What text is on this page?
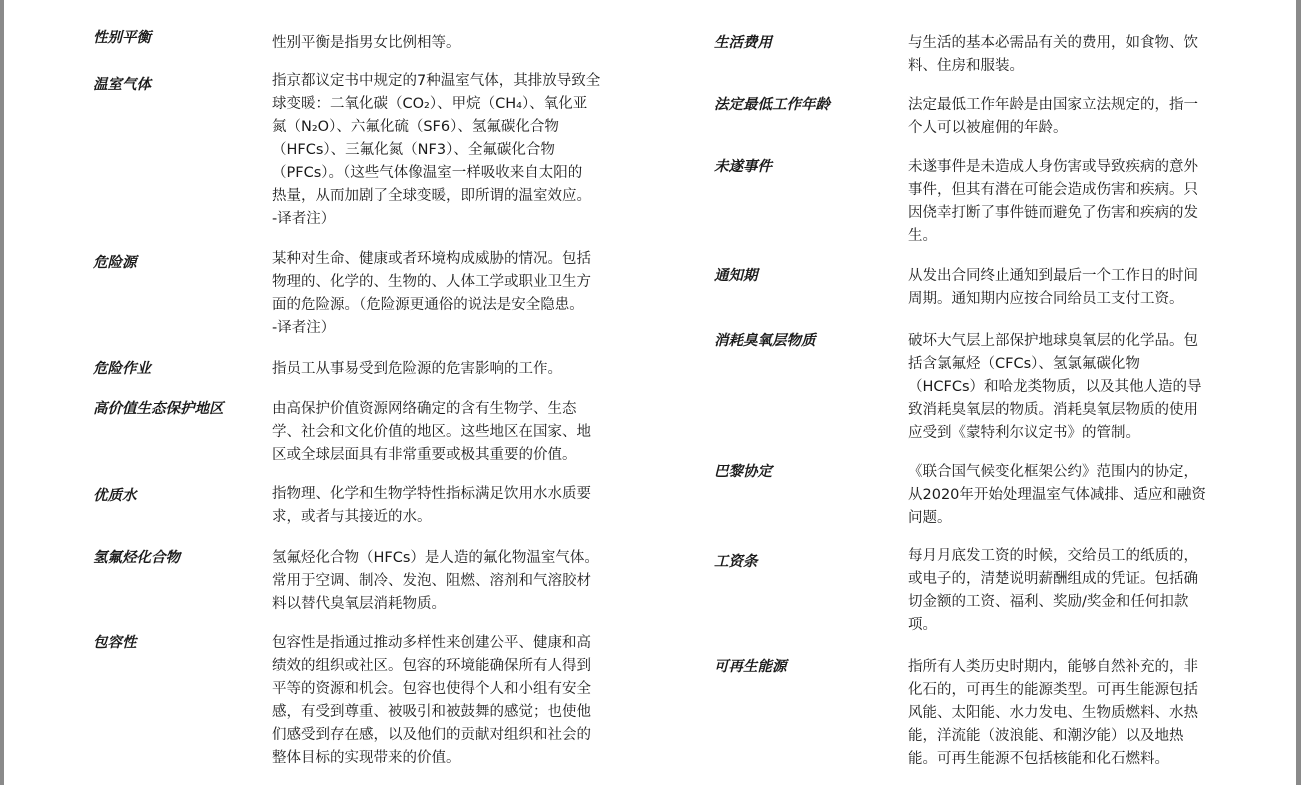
性别平衡	性别平衡是指男女比例相等。
温室气体	指京都议定书中规定的7种温室气体，其排放导致全
球变暖：二氧化碳（CO₂）、甲烷（CH₄）、氧化亚
氮（N₂O）、六氟化硫（SF6）、氢氟碳化合物
（HFCs）、三氟化氮（NF3）、全氟碳化合物
（PFCs）。（这些气体像温室一样吸收来自太阳的
热量，从而加剧了全球变暖，即所谓的温室效应。
-译者注）
危险源	某种对生命、健康或者环境构成威胁的情况。包括
物理的、化学的、生物的、人体工学或职业卫生方
面的危险源。（危险源更通俗的说法是安全隐患。
-译者注）
危险作业	指员工从事易受到危险源的危害影响的工作。
高价值生态保护地区	由高保护价值资源网络确定的含有生物学、生态
学、社会和文化价值的地区。这些地区在国家、地
区或全球层面具有非常重要或极其重要的价值。
优质水	指物理、化学和生物学特性指标满足饮用水水质要
求，或者与其接近的水。
氢氟烃化合物	氢氟烃化合物（HFCs）是人造的氟化物温室气体。
常用于空调、制冷、发泡、阻燃、溶剂和气溶胶材
料以替代臭氧层消耗物质。
包容性	包容性是指通过推动多样性来创建公平、健康和高
绩效的组织或社区。包容的环境能确保所有人得到
平等的资源和机会。包容也使得个人和小组有安全
感，有受到尊重、被吸引和被鼓舞的感觉；也使他
们感受到存在感，以及他们的贡献对组织和社会的
整体目标的实现带来的价值。
生活费用	与生活的基本必需品有关的费用，如食物、饮
料、住房和服装。
法定最低工作年龄	法定最低工作年龄是由国家立法规定的，指一
个人可以被雇佣的年龄。
未遂事件	未遂事件是未造成人身伤害或导致疾病的意外
事件，但其有潜在可能会造成伤害和疾病。只
因侥幸打断了事件链而避免了伤害和疾病的发
生。
通知期	从发出合同终止通知到最后一个工作日的时间
周期。通知期内应按合同给员工支付工资。
消耗臭氧层物质	破坏大气层上部保护地球臭氧层的化学品。包
括含氯氟烃（CFCs）、氢氯氟碳化物
（HCFCs）和哈龙类物质，以及其他人造的导
致消耗臭氧层的物质。消耗臭氧层物质的使用
应受到《蒙特利尔议定书》的管制。
巴黎协定	《联合国气候变化框架公约》范围内的协定，
从2020年开始处理温室气体减排、适应和融资
问题。
工资条	每月月底发工资的时候，交给员工的纸质的，
或电子的，清楚说明薪酬组成的凭证。包括确
切金额的工资、福利、奖励/奖金和任何扣款
项。
可再生能源	指所有人类历史时期内，能够自然补充的，非
化石的，可再生的能源类型。可再生能源包括
风能、太阳能、水力发电、生物质燃料、水热
能，洋流能（波浪能、和潮汐能）以及地热
能。可再生能源不包括核能和化石燃料。
